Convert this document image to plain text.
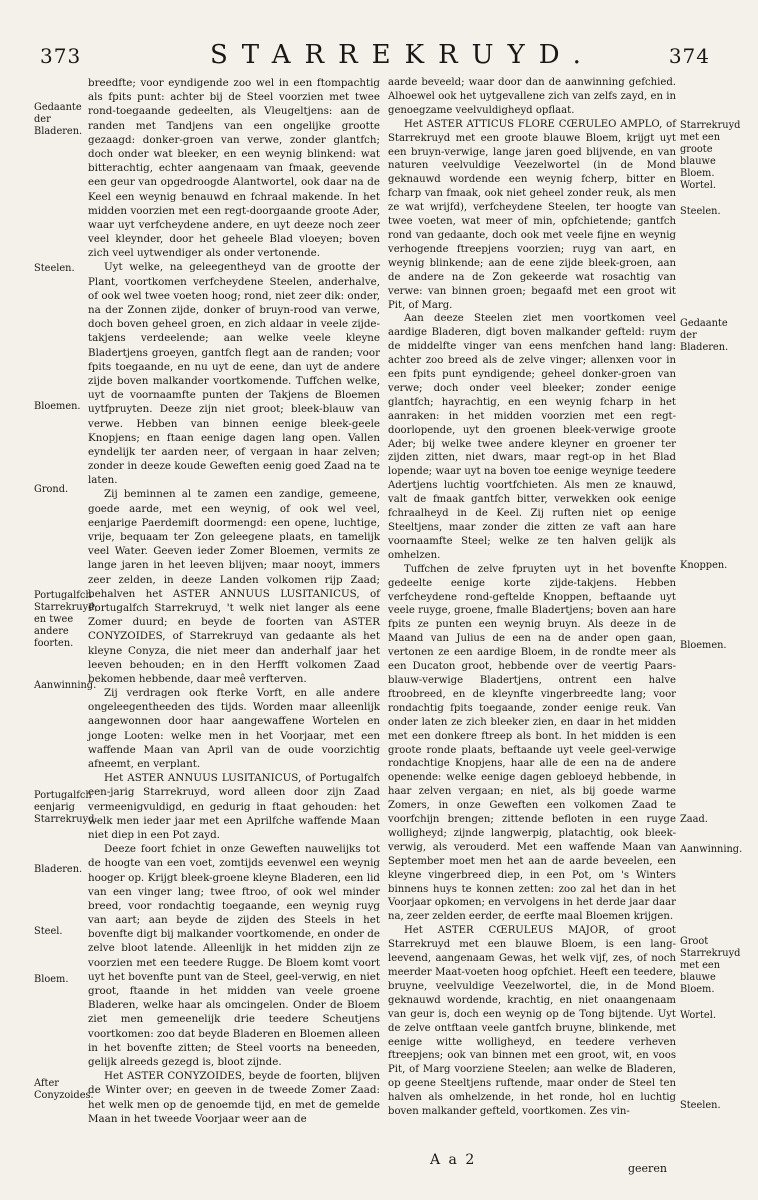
373	STARREKRUYD.	374

breedfte; voor eyndigende zoo wel in een ftompachtig als fpits punt: achter bij de Steel voorzien met twee rond-toegaande gedeelten, als Vleugeltjens: aan de randen met Tandjens van een ongelijke grootte gezaagd: donker-groen van verwe, zonder glantfch; doch onder wat bleeker, en een weynig blinkend: wat bitterachtig, echter aangenaam van fmaak, geevende een geur van opgedroogde Alantwortel, ook daar na de Keel een weynig benauwd en fchraal makende. In het midden voorzien met een regt-doorgaande groote Ader, waar uyt verfcheydene andere, en uyt deeze noch zeer veel kleynder, door het geheele Blad vloeyen; boven zich veel uytwendiger als onder vertonende.

Uyt welke, na geleegentheyd van de grootte der Plant, voortkomen verfcheydene Steelen, anderhalve, of ook wel twee voeten hoog; rond, niet zeer dik: onder, na der Zonnen zijde, donker of bruyn-rood van verwe, doch boven geheel groen, en zich aldaar in veele zijde-takjens verdeelende; aan welke veele kleyne Bladertjens groeyen, gantfch flegt aan de randen; voor fpits toegaande, en nu uyt de eene, dan uyt de andere zijde boven malkander voortkomende. Tuffchen welke, uyt de voornaamfte punten der Takjens de Bloemen uytfpruyten. Deeze zijn niet groot; bleek-blauw van verwe. Hebben van binnen eenige bleek-geele Knopjens; en ftaan eenige dagen lang open. Vallen eyndelijk ter aarden neer, of vergaan in haar zelven; zonder in deeze koude Geweften eenig goed Zaad na te laten.

Zij beminnen al te zamen een zandige, gemeene, goede aarde, met een weynig, of ook wel veel, eenjarige Paerdemift doormengd: een opene, luchtige, vrije, bequaam ter Zon geleegene plaats, en tamelijk veel Water. Geeven ieder Zomer Bloemen, vermits ze lange jaren in het leeven blijven; maar nooyt, immers zeer zelden, in deeze Landen volkomen rijp Zaad; behalven het ASTER ANNUUS LUSITANICUS, of Portugalfch Starrekruyd, 't welk niet langer als eene Zomer duurd; en beyde de foorten van ASTER CONYZOIDES, of Starrekruyd van gedaante als het kleyne Conyza, die niet meer dan anderhalf jaar het leeven behouden; en in den Herfft volkomen Zaad bekomen hebbende, daar meê verfterven.

Zij verdragen ook fterke Vorft, en alle andere ongeleegentheeden des tijds. Worden maar alleenlijk aangewonnen door haar aangewaffene Wortelen en jonge Looten: welke men in het Voorjaar, met een waffende Maan van April van de oude voorzichtig afneemt, en verplant.

Het ASTER ANNUUS LUSITANICUS, of Portugalfch een-jarig Starrekruyd, word alleen door zijn Zaad vermeenigvuldigd, en gedurig in ftaat gehouden: het welk men ieder jaar met een Aprilfche waffende Maan niet diep in een Pot zayd.

Deeze foort fchiet in onze Geweften nauwelijks tot de hoogte van een voet, zomtijds eevenwel een weynig hooger op. Krijgt bleek-groene kleyne Bladeren, een lid van een vinger lang; twee ftroo, of ook wel minder breed, voor rondachtig toegaande, een weynig ruyg van aart; aan beyde de zijden des Steels in het bovenfte digt bij malkander voortkomende, en onder de zelve bloot latende. Alleenlijk in het midden zijn ze voorzien met een teedere Rugge. De Bloem komt voort uyt het bovenfte punt van de Steel, geel-verwig, en niet groot, ftaande in het midden van veele groene Bladeren, welke haar als omcingelen. Onder de Bloem ziet men gemeenelijk drie teedere Scheutjens voortkomen: zoo dat beyde Bladeren en Bloemen alleen in het bovenfte zitten; de Steel voorts na beneeden, gelijk alreeds gezegd is, bloot zijnde.

Het ASTER CONYZOIDES, beyde de foorten, blijven de Winter over; en geeven in de tweede Zomer Zaad: het welk men op de genoemde tijd, en met de gemelde Maan in het tweede Voorjaar weer aan de

aarde beveeld; waar door dan de aanwinning gefchied. Alhoewel ook het uytgevallene zich van zelfs zayd, en in genoegzame veelvuldigheyd opflaat.

Het ASTER ATTICUS FLORE CŒRULEO AMPLO, of Starrekruyd met een groote blauwe Bloem, krijgt uyt een bruyn-verwige, lange jaren goed blijvende, en van naturen veelvuldige Veezelwortel (in de Mond geknauwd wordende een weynig fcherp, bitter en fcharp van fmaak, ook niet geheel zonder reuk, als men ze wat wrijfd), verfcheydene Steelen, ter hoogte van twee voeten, wat meer of min, opfchietende; gantfch rond van gedaante, doch ook met veele fijne en weynig verhogende ftreepjens voorzien; ruyg van aart, en weynig blinkende; aan de eene zijde bleek-groen, aan de andere na de Zon gekeerde wat rosachtig van verwe: van binnen groen; begaafd met een groot wit Pit, of Marg.

Aan deeze Steelen ziet men voortkomen veel aardige Bladeren, digt boven malkander gefteld: ruym de middelfte vinger van eens menfchen hand lang: achter zoo breed als de zelve vinger; allenxen voor in een fpits punt eyndigende; geheel donker-groen van verwe; doch onder veel bleeker; zonder eenige glantfch; hayrachtig, en een weynig fcharp in het aanraken: in het midden voorzien met een regt-doorlopende, uyt den groenen bleek-verwige groote Ader; bij welke twee andere kleyner en groener ter zijden zitten, niet dwars, maar regt-op in het Blad lopende; waar uyt na boven toe eenige weynige teedere Adertjens luchtig voortfchieten. Als men ze knauwd, valt de fmaak gantfch bitter, verwekken ook eenige fchraalheyd in de Keel. Zij ruften niet op eenige Steeltjens, maar zonder die zitten ze vaft aan hare voornaamfte Steel; welke ze ten halven gelijk als omhelzen.

Tuffchen de zelve fpruyten uyt in het bovenfte gedeelte eenige korte zijde-takjens. Hebben verfcheydene rond-geftelde Knoppen, beftaande uyt veele ruyge, groene, fmalle Bladertjens; boven aan hare fpits ze punten een weynig bruyn. Als deeze in de Maand van Julius de een na de ander open gaan, vertonen ze een aardige Bloem, in de rondte meer als een Ducaton groot, hebbende over de veertig Paars-blauw-verwige Bladertjens, ontrent een halve ftroobreed, en de kleynfte vingerbreedte lang; voor rondachtig fpits toegaande, zonder eenige reuk. Van onder laten ze zich bleeker zien, en daar in het midden met een donkere ftreep als bont. In het midden is een groote ronde plaats, beftaande uyt veele geel-verwige rondachtige Knopjens, haar alle de een na de andere openende: welke eenige dagen gebloeyd hebbende, in haar zelven vergaan; en niet, als bij goede warme Zomers, in onze Geweften een volkomen Zaad te voorfchijn brengen; zittende befloten in een ruyge wolligheyd; zijnde langwerpig, platachtig, ook bleek-verwig, als verouderd. Met een waffende Maan van September moet men het aan de aarde beveelen, een kleyne vingerbreed diep, in een Pot, om 's Winters binnens huys te konnen zetten: zoo zal het dan in het Voorjaar opkomen; en vervolgens in het derde jaar daar na, zeer zelden eerder, de eerfte maal Bloemen krijgen.

Het ASTER CŒRULEUS MAJOR, of groot Starrekruyd met een blauwe Bloem, is een lang-leevend, aangenaam Gewas, het welk vijf, zes, of noch meerder Maat-voeten hoog opfchiet. Heeft een teedere, bruyne, veelvuldige Veezelwortel, die, in de Mond geknauwd wordende, krachtig, en niet onaangenaam van geur is, doch een weynig op de Tong bijtende. Uyt de zelve ontftaan veele gantfch bruyne, blinkende, met eenige witte wolligheyd, en teedere verheven ftreepjens; ook van binnen met een groot, wit, en voos Pit, of Marg voorziene Steelen; aan welke de Bladeren, op geene Steeltjens ruftende, maar onder de Steel ten halven als omhelzende, in het ronde, hol en luchtig boven malkander gefteld, voortkomen. Zes vin-

Gedaante der Bladeren.
Steelen.
Bloemen.
Grond.
Portugalfch Starrekruyd; en twee andere foorten.
Aanwinning.
Portugalfch eenjarig Starrekruyd.
Bladeren.
Steel.
Bloem.
After Conyzoides.
Starrekruyd met een groote blauwe Bloem.
Wortel.
Steelen.
Gedaante der Bladeren.
Knoppen.
Bloemen.
Zaad.
Aanwinning.
Groot Starrekruyd met een blauwe Bloem.
Wortel.
Steelen.
A a 2
geeren
